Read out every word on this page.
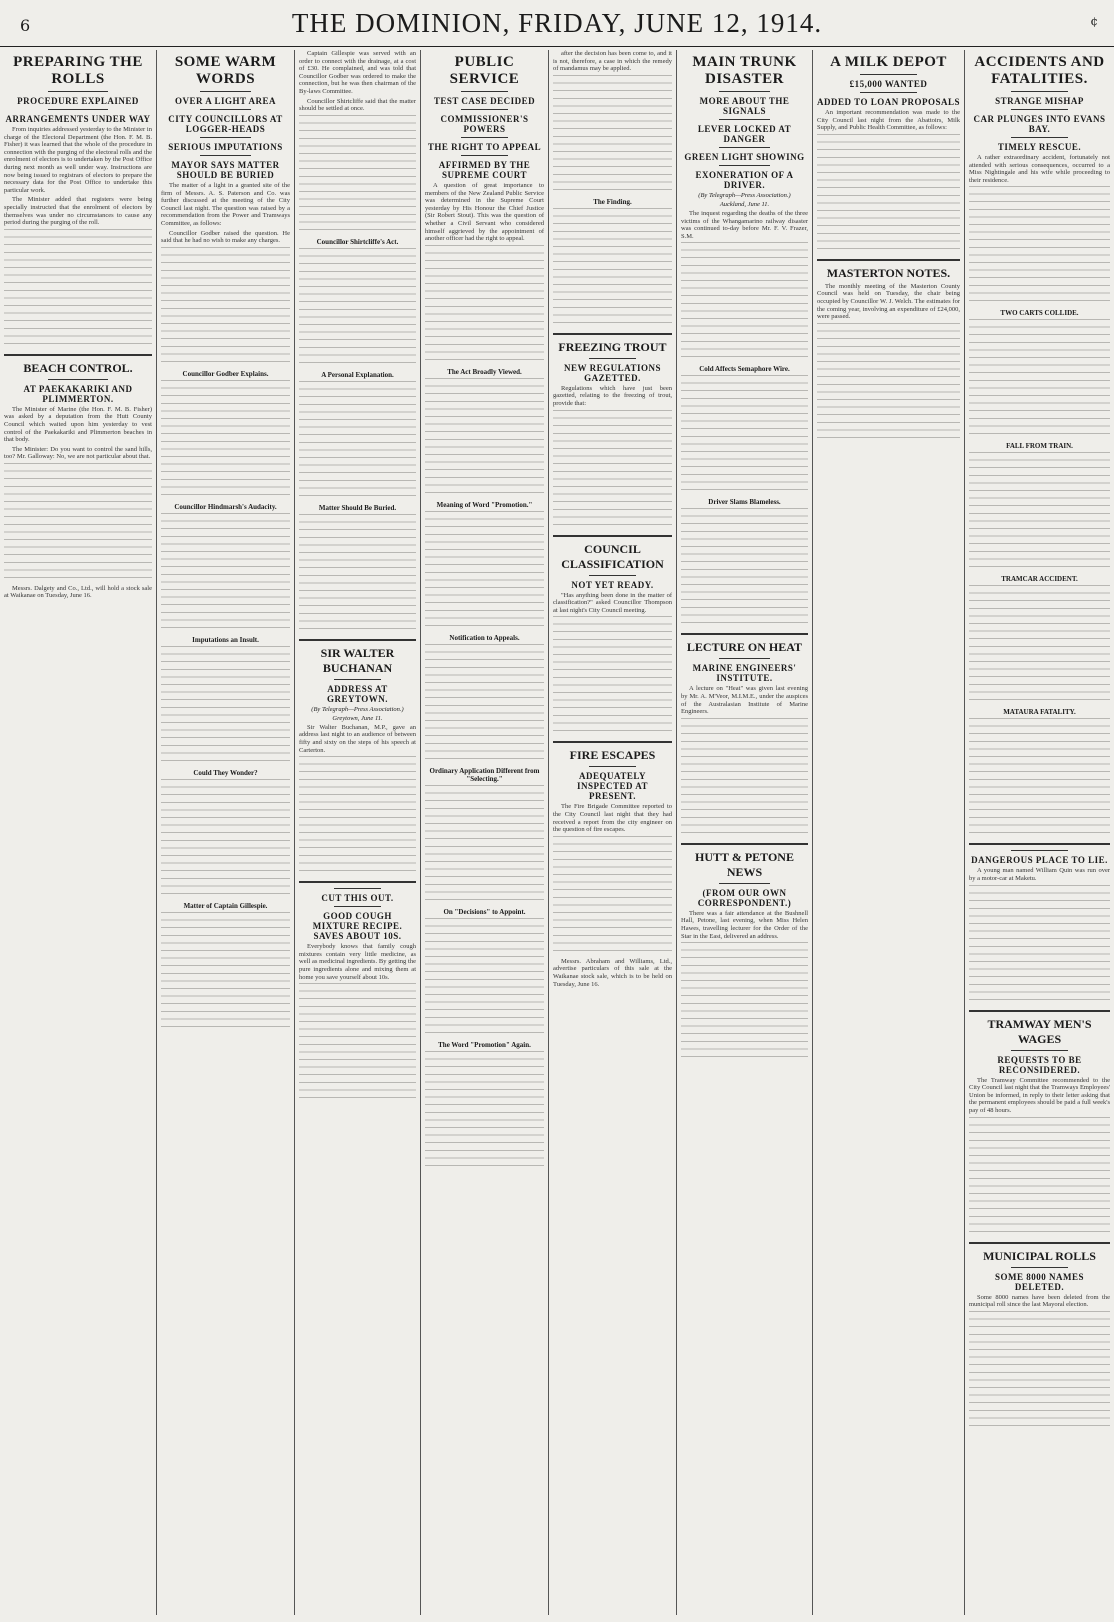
6	THE DOMINION, FRIDAY, JUNE 12, 1914.	¢
PREPARING THE ROLLS
PROCEDURE EXPLAINED
ARRANGEMENTS UNDER WAY

From inquiries addressed yesterday to the Minister in charge of the Electoral Department (the Hon. F. M. B. Fisher) it was learned that the whole of the procedure in connection with the purging of the electoral rolls and the enrolment of electors is to undertaken by the Post Office during next month as well under way. Instructions are now being issued to registrars of electors to prepare the necessary data for the Post Office to undertake this particular work.

The Minister added that registers were being specially instructed that the enrolment of electors by themselves was under no circumstances to cause any period during the purging of the roll.

BEACH CONTROL.
AT PAEKAKARIKI AND PLIMMERTON.

The Minister of Marine (the Hon. F. M. B. Fisher) was asked by a deputation from the Hutt County Council which waited upon him yesterday to vest control of the Paekakariki and Plimmerton beaches in that body.

The Minister: Do you want to control the sand hills, too? Mr. Galloway: No, we are not particular about that.

Messrs. Dalgety and Co., Ltd., will hold a stock sale at Waikanae on Tuesday, June 16.

SOME WARM WORDS
OVER A LIGHT AREA
CITY COUNCILLORS AT LOGGER-HEADS
SERIOUS IMPUTATIONS
MAYOR SAYS MATTER SHOULD BE BURIED

The matter of a light in a granted site of the firm of Messrs. A. S. Paterson and Co. was further discussed at the meeting of the City Council last night. The question was raised by a recommendation from the Power and Tramways Committee, as follows:

Councillor Godber raised the question. He said that he had no wish to make any charges.

Councillor Godber Explains.
Councillor Hindmarsh's Audacity.
Imputations an Insult.
Could They Wonder?
Matter of Captain Gillespie.

Captain Gillespie was served with an order to connect with the drainage, at a cost of £30. He complained, and was told that Councillor Godber was ordered to make the connection, but he was then chairman of the By-laws Committee.

Councillor Shirtcliffe said that the matter should be settled at once.

Councillor Shirtcliffe's Act.
A Personal Explanation.
Matter Should Be Buried.
SIR WALTER BUCHANAN
ADDRESS AT GREYTOWN.
(By Telegraph—Press Association.)
Greytown, June 11.

Sir Walter Buchanan, M.P., gave an address last night to an audience of between fifty and sixty on the steps of his speech at Carterton.

CUT THIS OUT.
GOOD COUGH MIXTURE RECIPE. SAVES ABOUT 10S.

Everybody knows that family cough mixtures contain very little medicine, as well as medicinal ingredients. By getting the pure ingredients alone and mixing them at home you save yourself about 10s.

PUBLIC SERVICE
TEST CASE DECIDED
COMMISSIONER'S POWERS
THE RIGHT TO APPEAL
AFFIRMED BY THE SUPREME COURT

A question of great importance to members of the New Zealand Public Service was determined in the Supreme Court yesterday by His Honour the Chief Justice (Sir Robert Stout). This was the question of whether a Civil Servant who considered himself aggrieved by the appointment of another officer had the right to appeal.

The Act Broadly Viewed.
Meaning of Word "Promotion."
Notification to Appeals.
Ordinary Application Different from "Selecting."
On "Decisions" to Appoint.
The Word "Promotion" Again.

after the decision has been come to, and it is not, therefore, a case in which the remedy of mandamus may be applied.

The Finding.
FREEZING TROUT
NEW REGULATIONS GAZETTED.

Regulations which have just been gazetted, relating to the freezing of trout, provide that:

COUNCIL CLASSIFICATION
NOT YET READY.

"Has anything been done in the matter of classification?" asked Councillor Thompson at last night's City Council meeting.

FIRE ESCAPES
ADEQUATELY INSPECTED AT PRESENT.

The Fire Brigade Committee reported to the City Council last night that they had received a report from the city engineer on the question of fire escapes.

Messrs. Abraham and Williams, Ltd., advertise particulars of this sale at the Waikanae stock sale, which is to be held on Tuesday, June 16.

MAIN TRUNK DISASTER
MORE ABOUT THE SIGNALS
LEVER LOCKED AT DANGER
GREEN LIGHT SHOWING
EXONERATION OF A DRIVER.
(By Telegraph—Press Association.)
Auckland, June 11.

The inquest regarding the deaths of the three victims of the Whangamarino railway disaster was continued to-day before Mr. F. V. Frazer, S.M.

Cold Affects Semaphore Wire.
Driver Slams Blameless.
LECTURE ON HEAT
MARINE ENGINEERS' INSTITUTE.

A lecture on "Heat" was given last evening by Mr. A. M'Veor, M.I.M.E., under the auspices of the Australasian Institute of Marine Engineers.

HUTT & PETONE NEWS
(FROM OUR OWN CORRESPONDENT.)

There was a fair attendance at the Bushnell Hall, Petone, last evening, when Miss Helen Hawes, travelling lecturer for the Order of the Star in the East, delivered an address.

A MILK DEPOT
£15,000 WANTED
ADDED TO LOAN PROPOSALS

An important recommendation was made to the City Council last night from the Abattoirs, Milk Supply, and Public Health Committee, as follows:

MASTERTON NOTES.

The monthly meeting of the Masterton County Council was held on Tuesday, the chair being occupied by Councillor W. J. Welch. The estimates for the coming year, involving an expenditure of £24,000, were passed.

ACCIDENTS AND FATALITIES.
STRANGE MISHAP
CAR PLUNGES INTO EVANS BAY.
TIMELY RESCUE.

A rather extraordinary accident, fortunately not attended with serious consequences, occurred to a Miss Nightingale and his wife while proceeding to their residence.

TWO CARTS COLLIDE.
FALL FROM TRAIN.
TRAMCAR ACCIDENT.
MATAURA FATALITY.
DANGEROUS PLACE TO LIE.

A young man named William Quin was run over by a motor-car at Maketu.

TRAMWAY MEN'S WAGES
REQUESTS TO BE RECONSIDERED.

The Tramway Committee recommended to the City Council last night that the Tramways Employees' Union be informed, in reply to their letter asking that the permanent employees should be paid a full week's pay of 48 hours.

MUNICIPAL ROLLS
SOME 8000 NAMES DELETED.

Some 8000 names have been deleted from the municipal roll since the last Mayoral election.
